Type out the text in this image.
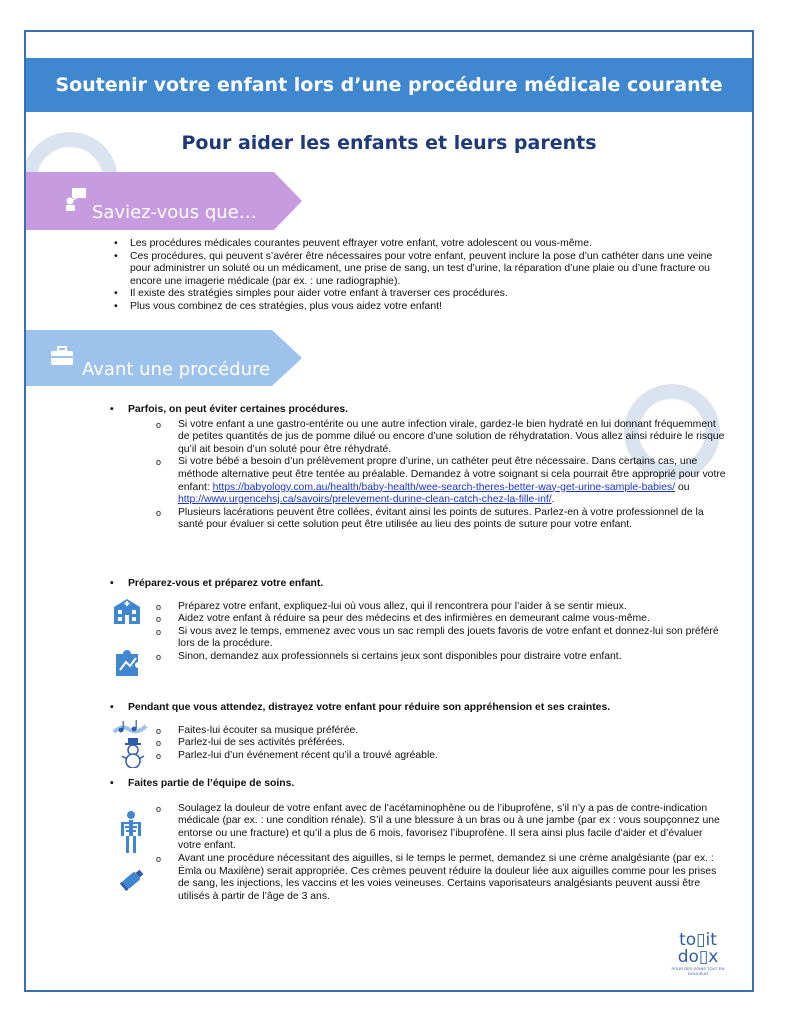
Soutenir votre enfant lors d’une procédure médicale courante
Pour aider les enfants et leurs parents
Saviez-vous que…
• Les procédures médicales courantes peuvent effrayer votre enfant, votre adolescent ou vous-même.
• Ces procédures, qui peuvent s’avérer être nécessaires pour votre enfant, peuvent inclure la pose d’un cathéter dans une veine pour administrer un soluté ou un médicament, une prise de sang, un test d’urine, la réparation d’une plaie ou d’une fracture ou encore une imagerie médicale (par ex. : une radiographie).
• Il existe des stratégies simples pour aider votre enfant à traverser ces procédures.
• Plus vous combinez de ces stratégies, plus vous aidez votre enfant!
Avant une procédure
• Parfois, on peut éviter certaines procédures.
o Si votre enfant a une gastro-entérite ou une autre infection virale, gardez-le bien hydraté en lui donnant fréquemment de petites quantités de jus de pomme dilué ou encore d’une solution de réhydratation. Vous allez ainsi réduire le risque qu’il ait besoin d’un soluté pour être réhydraté.
o Si votre bébé a besoin d’un prélèvement propre d’urine, un cathéter peut être nécessaire. Dans certains cas, une méthode alternative peut être tentée au préalable. Demandez à votre soignant si cela pourrait être approprié pour votre enfant: https://babyology.com.au/health/baby-health/wee-search-theres-better-way-get-urine-sample-babies/ ou http://www.urgencehsj.ca/savoirs/prelevement-durine-clean-catch-chez-la-fille-inf/.
o Plusieurs lacérations peuvent être collées, évitant ainsi les points de sutures. Parlez-en à votre professionnel de la santé pour évaluer si cette solution peut être utilisée au lieu des points de suture pour votre enfant.
• Préparez-vous et préparez votre enfant.
o Préparez votre enfant, expliquez-lui où vous allez, qui il rencontrera pour l’aider à se sentir mieux.
o Aidez votre enfant à réduire sa peur des médecins et des infirmières en demeurant calme vous-même.
o Si vous avez le temps, emmenez avec vous un sac rempli des jouets favoris de votre enfant et donnez-lui son préféré lors de la procédure.
o Sinon, demandez aux professionnels si certains jeux sont disponibles pour distraire votre enfant.
• Pendant que vous attendez, distrayez votre enfant pour réduire son appréhension et ses craintes.
o Faites-lui écouter sa musique préférée.
o Parlez-lui de ses activités préférées.
o Parlez-lui d’un événement récent qu’il a trouvé agréable.
• Faites partie de l’équipe de soins.
o Soulagez la douleur de votre enfant avec de l’acétaminophène ou de l’ibuprofène, s’il n’y a pas de contre-indication médicale (par ex. : une condition rénale). S’il a une blessure à un bras ou à une jambe (par ex : vous soupçonnez une entorse ou une fracture) et qu’il a plus de 6 mois, favorisez l’ibuprofène. Il sera ainsi plus facile d’aider et d’évaluer votre enfant.
o Avant une procédure nécessitant des aiguilles, si le temps le permet, demandez si une crème analgésiante (par ex. : Émla ou Maxilène) serait appropriée. Ces crèmes peuvent réduire la douleur liée aux aiguilles comme pour les prises de sang, les injections, les vaccins et les voies veineuses. Certains vaporisateurs analgésiants peuvent aussi être utilisés à partir de l’âge de 3 ans.
to▯it
do▯x
POUR DES SOINS TOUT EN DOUCEUR
